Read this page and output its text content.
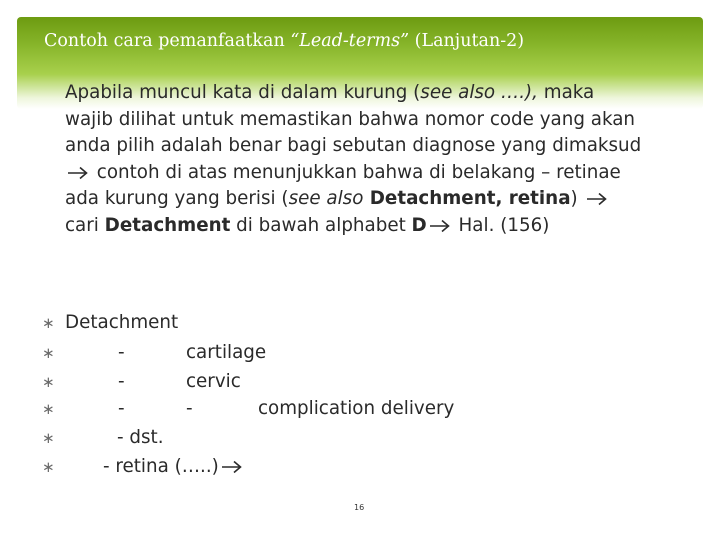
Contoh cara pemanfaatkan “Lead-terms” (Lanjutan-2)
Apabila muncul kata di dalam kurung (see also ….), maka wajib dilihat untuk memastikan bahwa nomor code yang akan anda pilih adalah benar bagi sebutan diagnose yang dimaksud  contoh di atas menunjukkan bahwa di belakang – retinae ada kurung yang berisi (see also Detachment, retina)  cari Detachment di bawah alphabet D Hal. (156)
∗ Detachment
∗	-	cartilage
∗	-	cervic
∗	-	-	complication delivery
∗	- dst.
∗	- retina (…..)
16
